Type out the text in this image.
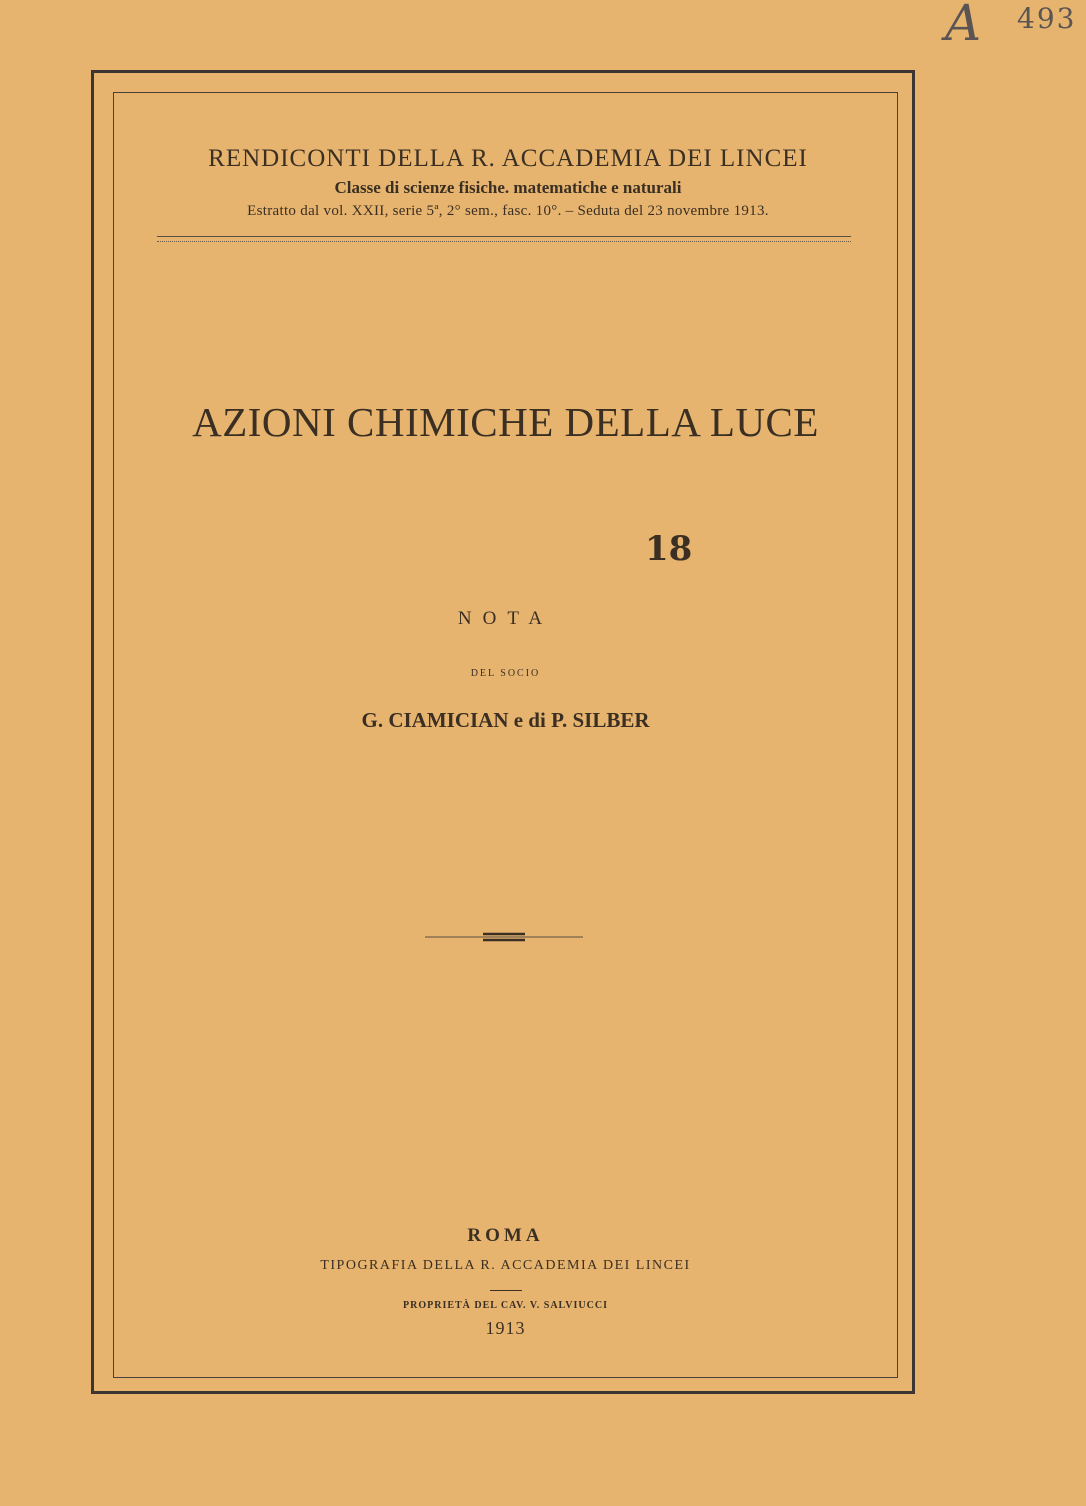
A 493
RENDICONTI DELLA R. ACCADEMIA DEI LINCEI
Classe di scienze fisiche. matematiche e naturali
Estratto dal vol. XXII, serie 5ª, 2° sem., fasc. 10°. – Seduta del 23 novembre 1913.
AZIONI CHIMICHE DELLA LUCE
18
NOTA
DEL SOCIO
G. CIAMICIAN e di P. SILBER
ROMA
TIPOGRAFIA DELLA R. ACCADEMIA DEI LINCEI
PROPRIETÀ DEL CAV. V. SALVIUCCI
1913
